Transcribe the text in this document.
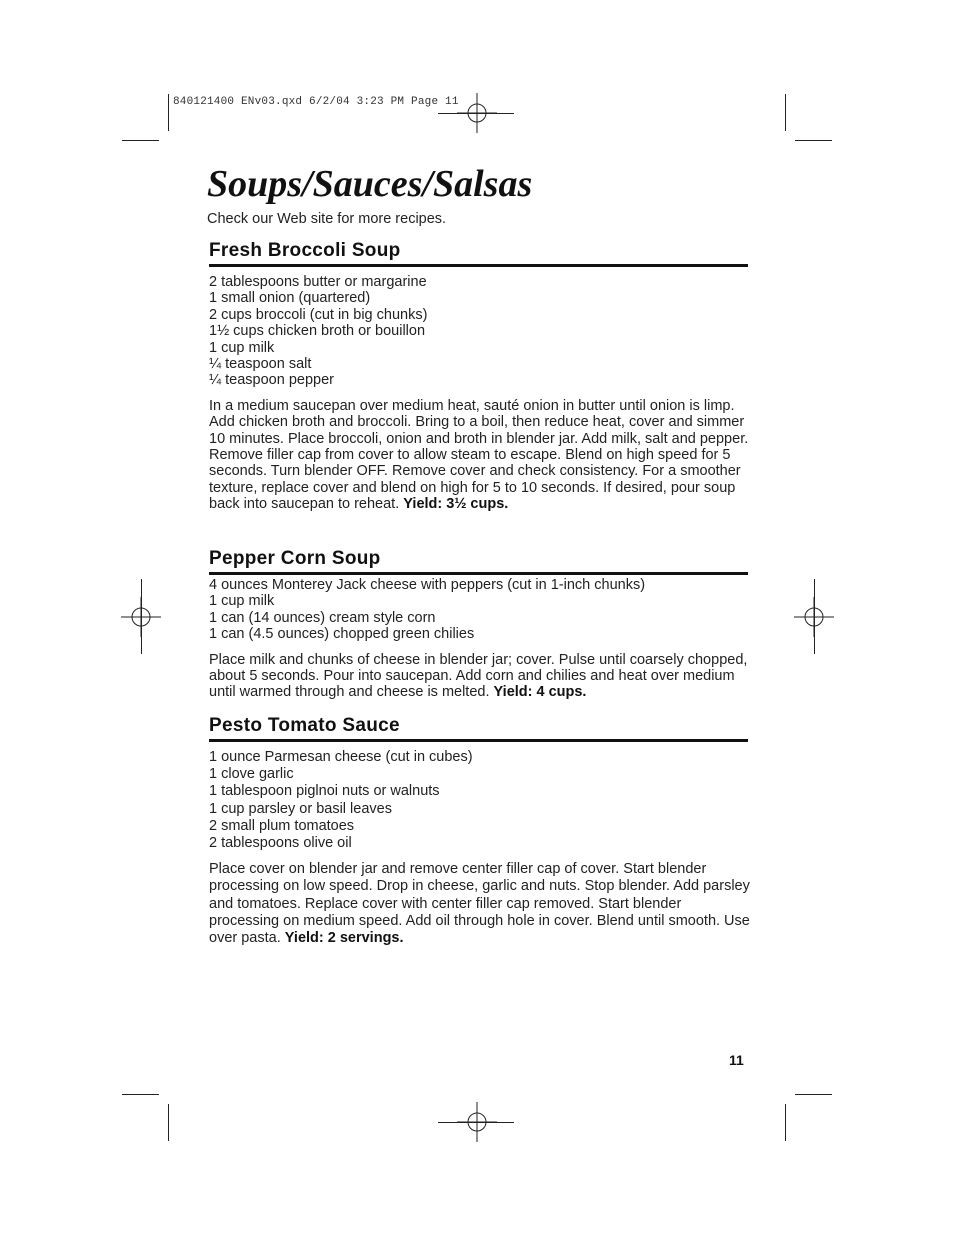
840121400 ENv03.qxd 6/2/04 3:23 PM Page 11
Soups/Sauces/Salsas

Check our Web site for more recipes.

Fresh Broccoli Soup
2 tablespoons butter or margarine
1 small onion (quartered)
2 cups broccoli (cut in big chunks)
1½ cups chicken broth or bouillon
1 cup milk
¼ teaspoon salt
¼ teaspoon pepper

In a medium saucepan over medium heat, sauté onion in butter until onion is limp. Add chicken broth and broccoli. Bring to a boil, then reduce heat, cover and simmer 10 minutes. Place broccoli, onion and broth in blender jar. Add milk, salt and pepper. Remove filler cap from cover to allow steam to escape. Blend on high speed for 5 seconds. Turn blender OFF. Remove cover and check consistency. For a smoother texture, replace cover and blend on high for 5 to 10 seconds. If desired, pour soup back into saucepan to reheat. Yield: 3½ cups.

Pepper Corn Soup
4 ounces Monterey Jack cheese with peppers (cut in 1-inch chunks)
1 cup milk
1 can (14 ounces) cream style corn
1 can (4.5 ounces) chopped green chilies

Place milk and chunks of cheese in blender jar; cover. Pulse until coarsely chopped, about 5 seconds. Pour into saucepan. Add corn and chilies and heat over medium until warmed through and cheese is melted. Yield: 4 cups.

Pesto Tomato Sauce
1 ounce Parmesan cheese (cut in cubes)
1 clove garlic
1 tablespoon piglnoi nuts or walnuts
1 cup parsley or basil leaves
2 small plum tomatoes
2 tablespoons olive oil

Place cover on blender jar and remove center filler cap of cover. Start blender processing on low speed. Drop in cheese, garlic and nuts. Stop blender. Add parsley and tomatoes. Replace cover with center filler cap removed. Start blender processing on medium speed. Add oil through hole in cover. Blend until smooth. Use over pasta. Yield: 2 servings.

11
